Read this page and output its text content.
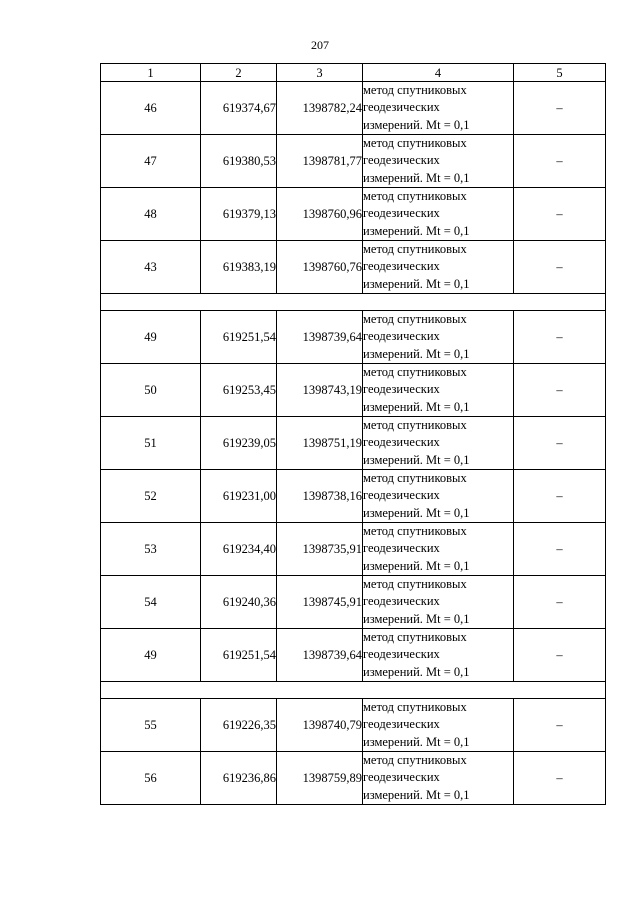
207
1	2	3	4	5
46	619374,67	1398782,24	метод спутниковых
геодезических
измерений. Mt = 0,1	–
47	619380,53	1398781,77	метод спутниковых
геодезических
измерений. Mt = 0,1	–
48	619379,13	1398760,96	метод спутниковых
геодезических
измерений. Mt = 0,1	–
43	619383,19	1398760,76	метод спутниковых
геодезических
измерений. Mt = 0,1	–

49	619251,54	1398739,64	метод спутниковых
геодезических
измерений. Mt = 0,1	–
50	619253,45	1398743,19	метод спутниковых
геодезических
измерений. Mt = 0,1	–
51	619239,05	1398751,19	метод спутниковых
геодезических
измерений. Mt = 0,1	–
52	619231,00	1398738,16	метод спутниковых
геодезических
измерений. Mt = 0,1	–
53	619234,40	1398735,91	метод спутниковых
геодезических
измерений. Mt = 0,1	–
54	619240,36	1398745,91	метод спутниковых
геодезических
измерений. Mt = 0,1	–
49	619251,54	1398739,64	метод спутниковых
геодезических
измерений. Mt = 0,1	–

55	619226,35	1398740,79	метод спутниковых
геодезических
измерений. Mt = 0,1	–
56	619236,86	1398759,89	метод спутниковых
геодезических
измерений. Mt = 0,1	–
